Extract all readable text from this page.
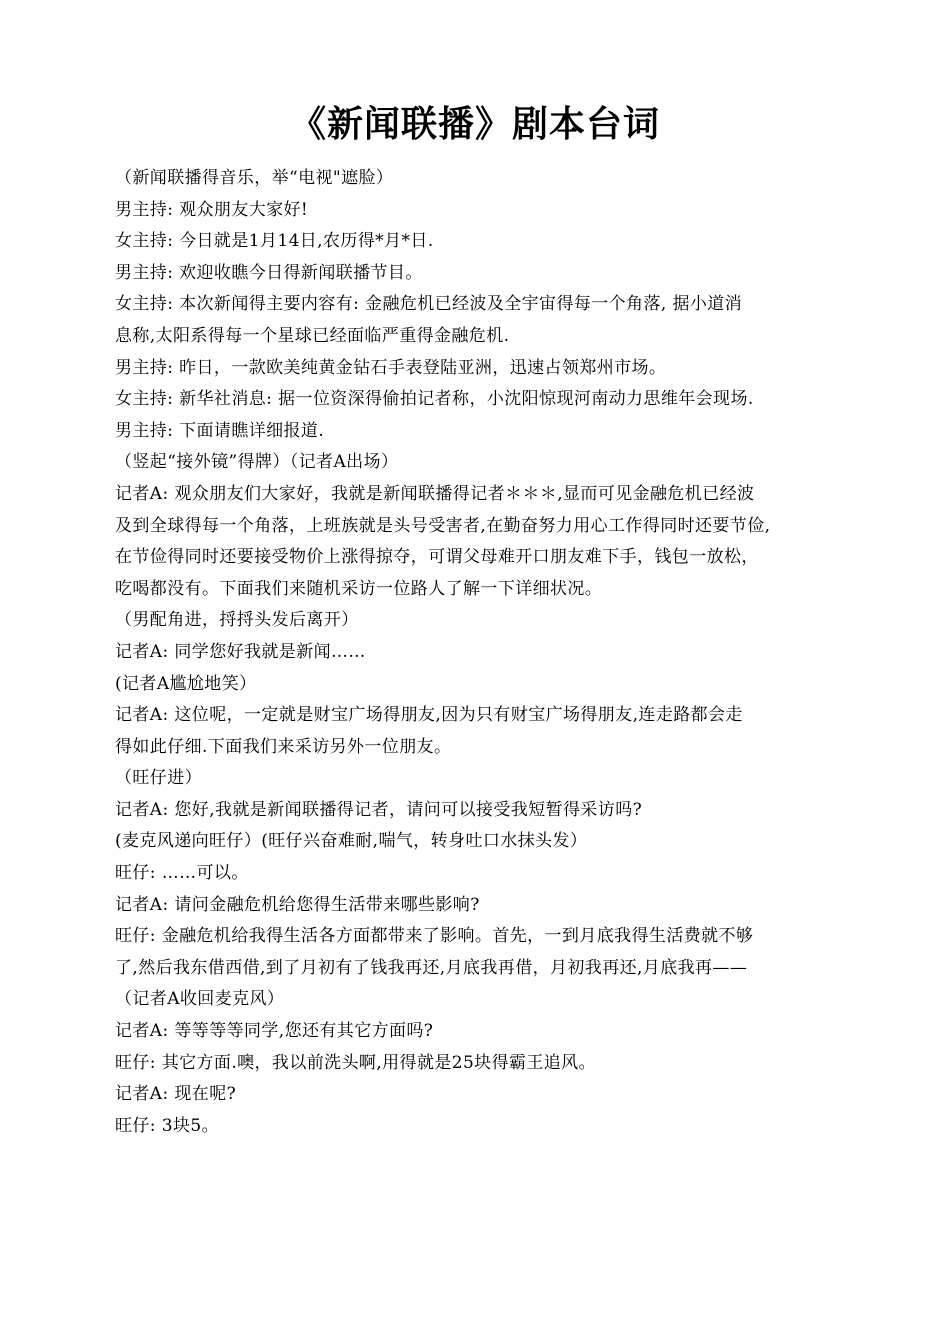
《新闻联播》剧本台词
（新闻联播得音乐，举“电视"遮脸）
男主持: 观众朋友大家好!
女主持: 今日就是1月14日,农历得*月*日.
男主持: 欢迎收瞧今日得新闻联播节目。
女主持: 本次新闻得主要内容有: 金融危机已经波及全宇宙得每一个角落, 据小道消
息称,太阳系得每一个星球已经面临严重得金融危机.
男主持: 昨日，一款欧美纯黄金钻石手表登陆亚洲，迅速占领郑州市场。
女主持: 新华社消息: 据一位资深得偷拍记者称，小沈阳惊现河南动力思维年会现场.
男主持: 下面请瞧详细报道.
（竖起“接外镜”得牌）（记者A出场）
记者A: 观众朋友们大家好，我就是新闻联播得记者＊＊＊,显而可见金融危机已经波
及到全球得每一个角落，上班族就是头号受害者,在勤奋努力用心工作得同时还要节俭,
在节俭得同时还要接受物价上涨得掠夺，可谓父母难开口朋友难下手，钱包一放松，
吃喝都没有。下面我们来随机采访一位路人了解一下详细状况。
（男配角进，捋捋头发后离开）
记者A: 同学您好我就是新闻……
(记者A尴尬地笑）
记者A: 这位呢，一定就是财宝广场得朋友,因为只有财宝广场得朋友,连走路都会走
得如此仔细.下面我们来采访另外一位朋友。
（旺仔进）
记者A: 您好,我就是新闻联播得记者，请问可以接受我短暂得采访吗?
(麦克风递向旺仔）(旺仔兴奋难耐,喘气，转身吐口水抹头发）
旺仔: ……可以。
记者A: 请问金融危机给您得生活带来哪些影响?
旺仔: 金融危机给我得生活各方面都带来了影响。首先，一到月底我得生活费就不够
了,然后我东借西借,到了月初有了钱我再还,月底我再借，月初我再还,月底我再——
（记者A收回麦克风）
记者A: 等等等等同学,您还有其它方面吗?
旺仔: 其它方面.噢，我以前洗头啊,用得就是25块得霸王追风。
记者A: 现在呢?
旺仔: 3块5。
